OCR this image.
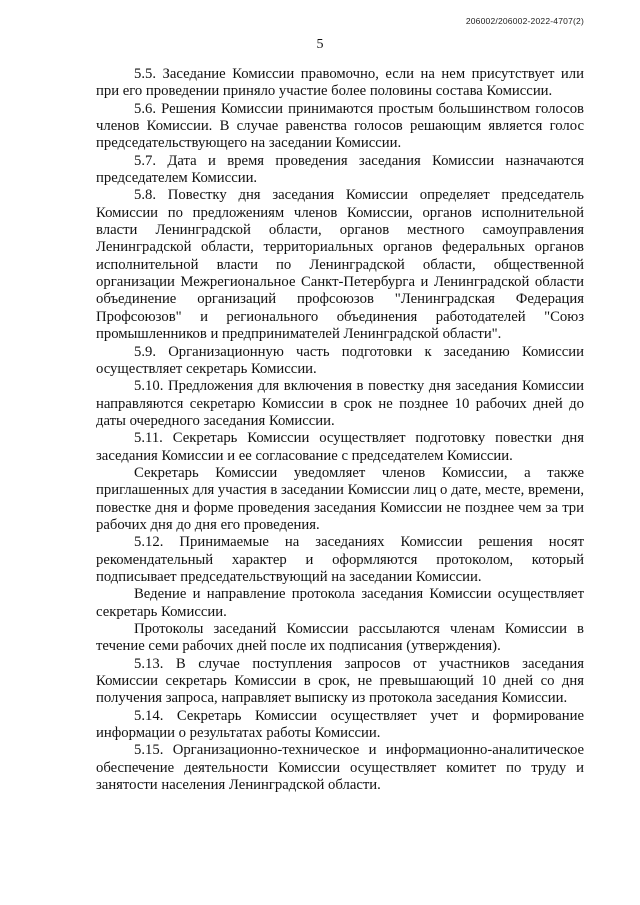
206002/206002-2022-4707(2)
5

5.5. Заседание Комиссии правомочно, если на нем присутствует или при его проведении приняло участие более половины состава Комиссии.

5.6. Решения Комиссии принимаются простым большинством голосов членов Комиссии. В случае равенства голосов решающим является голос председательствующего на заседании Комиссии.

5.7. Дата и время проведения заседания Комиссии назначаются председателем Комиссии.

5.8. Повестку дня заседания Комиссии определяет председатель Комиссии по предложениям членов Комиссии, органов исполнительной власти Ленинградской области, органов местного самоуправления Ленинградской области, территориальных органов федеральных органов исполнительной власти по Ленинградской области, общественной организации Межрегиональное Санкт-Петербурга и Ленинградской области объединение организаций профсоюзов "Ленинградская Федерация Профсоюзов" и регионального объединения работодателей "Союз промышленников и предпринимателей Ленинградской области".

5.9. Организационную часть подготовки к заседанию Комиссии осуществляет секретарь Комиссии.

5.10. Предложения для включения в повестку дня заседания Комиссии направляются секретарю Комиссии в срок не позднее 10 рабочих дней до даты очередного заседания Комиссии.

5.11. Секретарь Комиссии осуществляет подготовку повестки дня заседания Комиссии и ее согласование с председателем Комиссии.

Секретарь Комиссии уведомляет членов Комиссии, а также приглашенных для участия в заседании Комиссии лиц о дате, месте, времени, повестке дня и форме проведения заседания Комиссии не позднее чем за три рабочих дня до дня его проведения.

5.12. Принимаемые на заседаниях Комиссии решения носят рекомендательный характер и оформляются протоколом, который подписывает председательствующий на заседании Комиссии.

Ведение и направление протокола заседания Комиссии осуществляет секретарь Комиссии.

Протоколы заседаний Комиссии рассылаются членам Комиссии в течение семи рабочих дней после их подписания (утверждения).

5.13. В случае поступления запросов от участников заседания Комиссии секретарь Комиссии в срок, не превышающий 10 дней со дня получения запроса, направляет выписку из протокола заседания Комиссии.

5.14. Секретарь Комиссии осуществляет учет и формирование информации о результатах работы Комиссии.

5.15. Организационно-техническое и информационно-аналитическое обеспечение деятельности Комиссии осуществляет комитет по труду и занятости населения Ленинградской области.
